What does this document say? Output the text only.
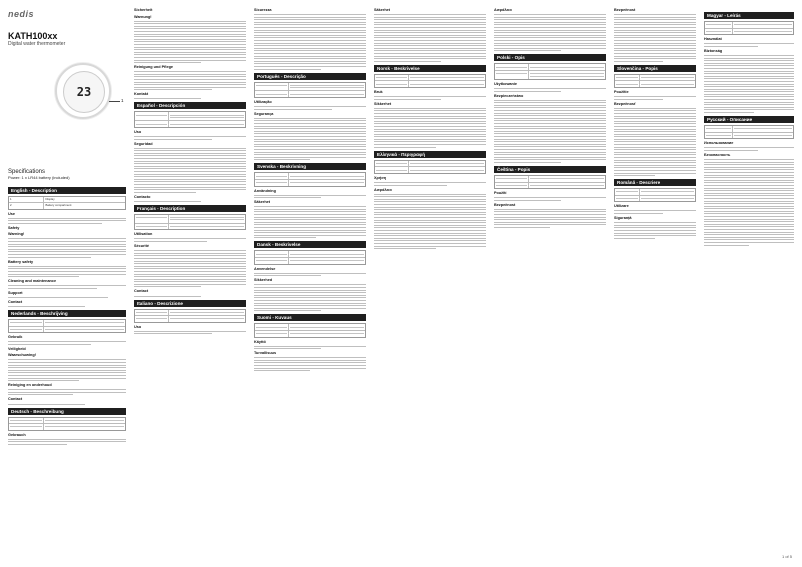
nedis
KATH100xx
Digital water thermometer
Specifications
Power: 1 x LR44 battery (included)
English - Description
1	Display
2	Battery compartment
Use
Safety
Warning!
Battery safety
Cleaning and maintenance
Support
Contact
Nederlands - Beschrijving
Gebruik
Veiligheid
Waarschuwing!
Reiniging en onderhoud
Contact
Deutsch - Beschreibung
Gebrauch
23
1
Sicherheit
Warnung!
Reinigung und Pflege
Kontakt
Español - Descripción
Uso
Seguridad
Contacto
Français - Description
Utilisation
Sécurité
Contact
Italiano - Descrizione
Uso
Sicurezza
Português - Descrição
Utilização
Segurança
Svenska - Beskrivning
Användning
Säkerhet
Dansk - Beskrivelse
Anvendelse
Sikkerhed
Suomi - Kuvaus
Käyttö
Turvallisuus
Säkerhet
Norsk - Beskrivelse
Bruk
Sikkerhet
Ελληνικά - Περιγραφή
Χρήση
Ασφάλεια
Ασφάλεια
Polski - Opis
Użytkowanie
Bezpieczeństwo
Čeština - Popis
Použití
Bezpečnost
Bezpečnost
Slovenčina - Popis
Použitie
Bezpečnosť
Română - Descriere
Utilizare
Siguranță
Magyar - Leírás
Használat
Biztonság
Русский - Описание
Использование
Безопасность
1 of 5
